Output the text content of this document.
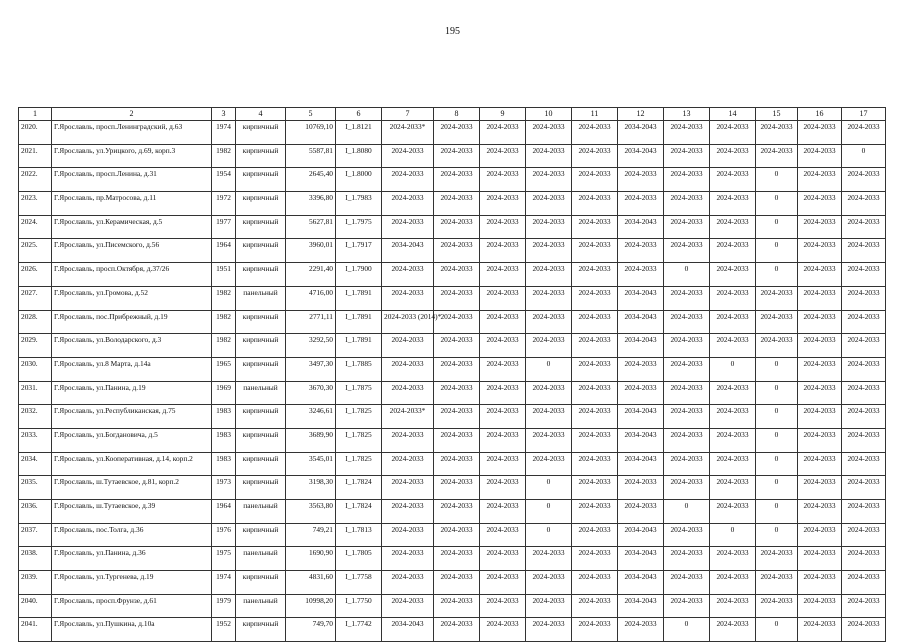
195
1	2	3	4	5	6	7	8	9	10	11	12	13	14	15	16	17
2020.	Г.Ярославль, просп.Ленинградский, д.63	1974	кирпичный	10769,10	I_1.8121	2024-2033*	2024-2033	2024-2033	2024-2033	2024-2033	2034-2043	2024-2033	2024-2033	2024-2033	2024-2033	2024-2033
2021.	Г.Ярославль, ул.Урицкого, д.69, корп.3	1982	кирпичный	5587,81	I_1.8080	2024-2033	2024-2033	2024-2033	2024-2033	2024-2033	2034-2043	2024-2033	2024-2033	2024-2033	2024-2033	0
2022.	Г.Ярославль, просп.Ленина, д.31	1954	кирпичный	2645,40	I_1.8000	2024-2033	2024-2033	2024-2033	2024-2033	2024-2033	2024-2033	2024-2033	2024-2033	0	2024-2033	2024-2033
2023.	Г.Ярославль, пр.Матросова, д.11	1972	кирпичный	3396,80	I_1.7983	2024-2033	2024-2033	2024-2033	2024-2033	2024-2033	2024-2033	2024-2033	2024-2033	0	2024-2033	2024-2033
2024.	Г.Ярославль, ул.Керамическая, д.5	1977	кирпичный	5627,81	I_1.7975	2024-2033	2024-2033	2024-2033	2024-2033	2024-2033	2034-2043	2024-2033	2024-2033	0	2024-2033	2024-2033
2025.	Г.Ярославль, ул.Писемского, д.56	1964	кирпичный	3960,01	I_1.7917	2034-2043	2024-2033	2024-2033	2024-2033	2024-2033	2024-2033	2024-2033	2024-2033	0	2024-2033	2024-2033
2026.	Г.Ярославль, просп.Октября, д.37/26	1951	кирпичный	2291,40	I_1.7900	2024-2033	2024-2033	2024-2033	2024-2033	2024-2033	2024-2033	0	2024-2033	0	2024-2033	2024-2033
2027.	Г.Ярославль, ул.Громова, д.52	1982	панельный	4716,00	I_1.7891	2024-2033	2024-2033	2024-2033	2024-2033	2024-2033	2034-2043	2024-2033	2024-2033	2024-2033	2024-2033	2024-2033
2028.	Г.Ярославль, пос.Прибрежный, д.19	1982	кирпичный	2771,11	I_1.7891	2024-2033 (2014)*	2024-2033	2024-2033	2024-2033	2024-2033	2034-2043	2024-2033	2024-2033	2024-2033	2024-2033	2024-2033
2029.	Г.Ярославль, ул.Володарского, д.3	1982	кирпичный	3292,50	I_1.7891	2024-2033	2024-2033	2024-2033	2024-2033	2024-2033	2034-2043	2024-2033	2024-2033	2024-2033	2024-2033	2024-2033
2030.	Г.Ярославль, ул.8 Марта, д.14а	1965	кирпичный	3497,30	I_1.7885	2024-2033	2024-2033	2024-2033	0	2024-2033	2024-2033	2024-2033	0	0	2024-2033	2024-2033
2031.	Г.Ярославль, ул.Панина, д.19	1969	панельный	3670,30	I_1.7875	2024-2033	2024-2033	2024-2033	2024-2033	2024-2033	2024-2033	2024-2033	2024-2033	0	2024-2033	2024-2033
2032.	Г.Ярославль, ул.Республиканская, д.75	1983	кирпичный	3246,61	I_1.7825	2024-2033*	2024-2033	2024-2033	2024-2033	2024-2033	2034-2043	2024-2033	2024-2033	0	2024-2033	2024-2033
2033.	Г.Ярославль, ул.Богдановича, д.5	1983	кирпичный	3689,90	I_1.7825	2024-2033	2024-2033	2024-2033	2024-2033	2024-2033	2034-2043	2024-2033	2024-2033	0	2024-2033	2024-2033
2034.	Г.Ярославль, ул.Кооперативная, д.14, корп.2	1983	кирпичный	3545,01	I_1.7825	2024-2033	2024-2033	2024-2033	2024-2033	2024-2033	2034-2043	2024-2033	2024-2033	0	2024-2033	2024-2033
2035.	Г.Ярославль, ш.Тутаевское, д.81, корп.2	1973	кирпичный	3198,30	I_1.7824	2024-2033	2024-2033	2024-2033	0	2024-2033	2024-2033	2024-2033	2024-2033	0	2024-2033	2024-2033
2036.	Г.Ярославль, ш.Тутаевское, д.39	1964	панельный	3563,80	I_1.7824	2024-2033	2024-2033	2024-2033	0	2024-2033	2024-2033	0	2024-2033	0	2024-2033	2024-2033
2037.	Г.Ярославль, пос.Толга, д.36	1976	кирпичный	749,21	I_1.7813	2024-2033	2024-2033	2024-2033	0	2024-2033	2034-2043	2024-2033	0	0	2024-2033	2024-2033
2038.	Г.Ярославль, ул.Панина, д.36	1975	панельный	1690,90	I_1.7805	2024-2033	2024-2033	2024-2033	2024-2033	2024-2033	2034-2043	2024-2033	2024-2033	2024-2033	2024-2033	2024-2033
2039.	Г.Ярославль, ул.Тургенева, д.19	1974	кирпичный	4831,60	I_1.7758	2024-2033	2024-2033	2024-2033	2024-2033	2024-2033	2034-2043	2024-2033	2024-2033	2024-2033	2024-2033	2024-2033
2040.	Г.Ярославль, просп.Фрунзе, д.61	1979	панельный	10998,20	I_1.7750	2024-2033	2024-2033	2024-2033	2024-2033	2024-2033	2034-2043	2024-2033	2024-2033	2024-2033	2024-2033	2024-2033
2041.	Г.Ярославль, ул.Пушкина, д.10а	1952	кирпичный	749,70	I_1.7742	2034-2043	2024-2033	2024-2033	2024-2033	2024-2033	2024-2033	0	2024-2033	0	2024-2033	2024-2033
